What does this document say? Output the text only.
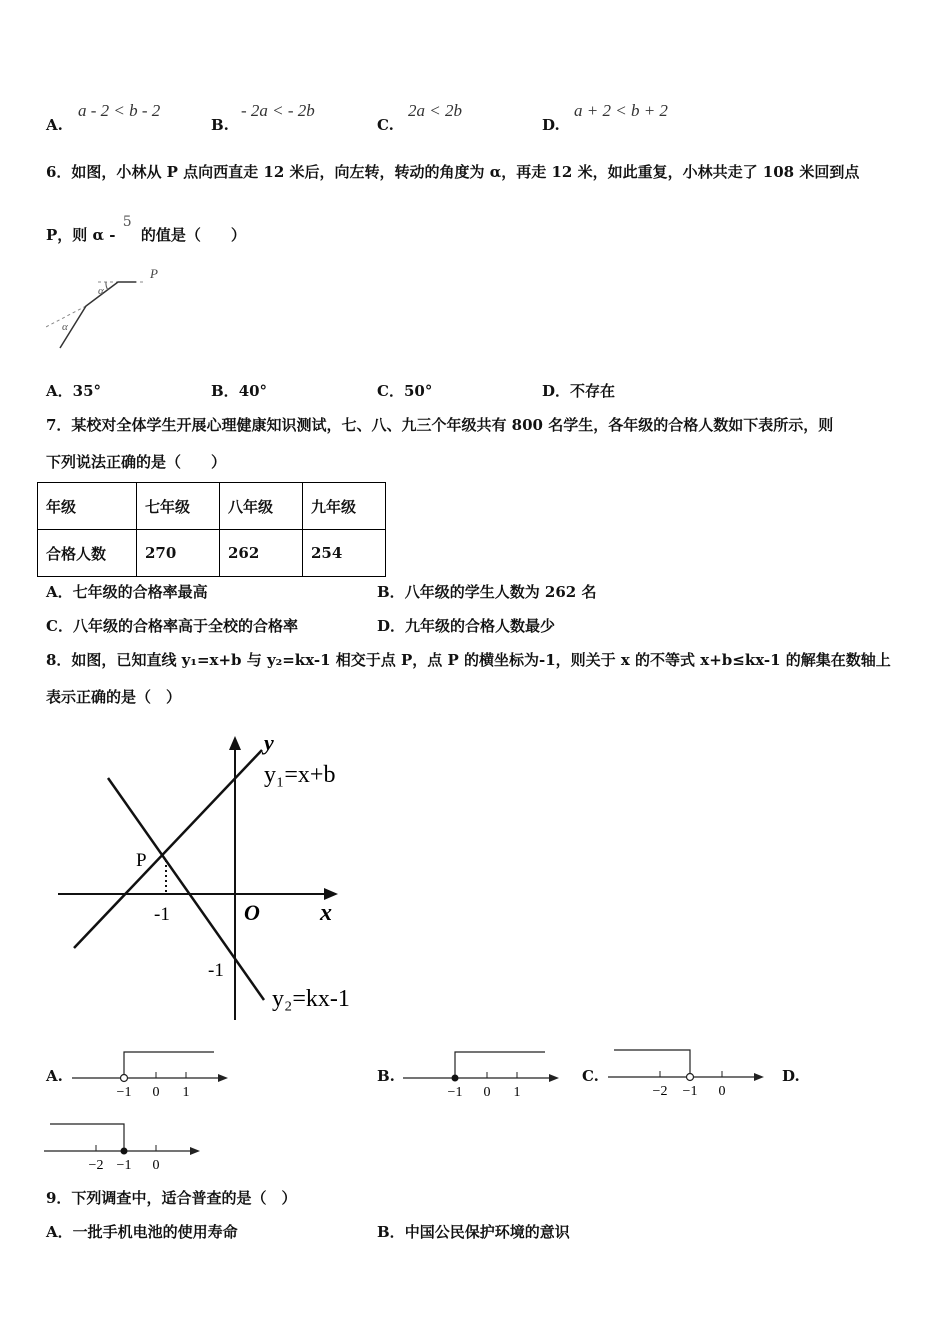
A.
a - 2 < b - 2
B.
- 2a < - 2b
C.
2a < 2b
D.
a + 2 < b + 2
6．如图，小林从 P 点向西直走 12 米后，向左转，转动的角度为 α，再走 12 米，如此重复，小林共走了 108 米回到点
P，则 α - 5 的值是（　　）
P
α
α
A．35°	B．40°	C．50°	D．不存在
7．某校对全体学生开展心理健康知识测试，七、八、九三个年级共有 800 名学生，各年级的合格人数如下表所示，则
下列说法正确的是（　　）
年级	七年级	八年级	九年级
合格人数	270	262	254
A．七年级的合格率最高	B．八年级的学生人数为 262 名
C．八年级的合格率高于全校的合格率	D．九年级的合格人数最少
8．如图，已知直线 y₁=x+b 与 y₂=kx-1 相交于点 P，点 P 的横坐标为-1，则关于 x 的不等式 x+b≤kx-1 的解集在数轴上
表示正确的是（　）
y
x
O
P
-1
-1
y₁=x+b
y₂=kx-1
A.
−1 0 1
B.
−1 0 1
C.
−2 −1 0
D.
−2 −1 0
9．下列调查中，适合普查的是（　）
A．一批手机电池的使用寿命	B．中国公民保护环境的意识
